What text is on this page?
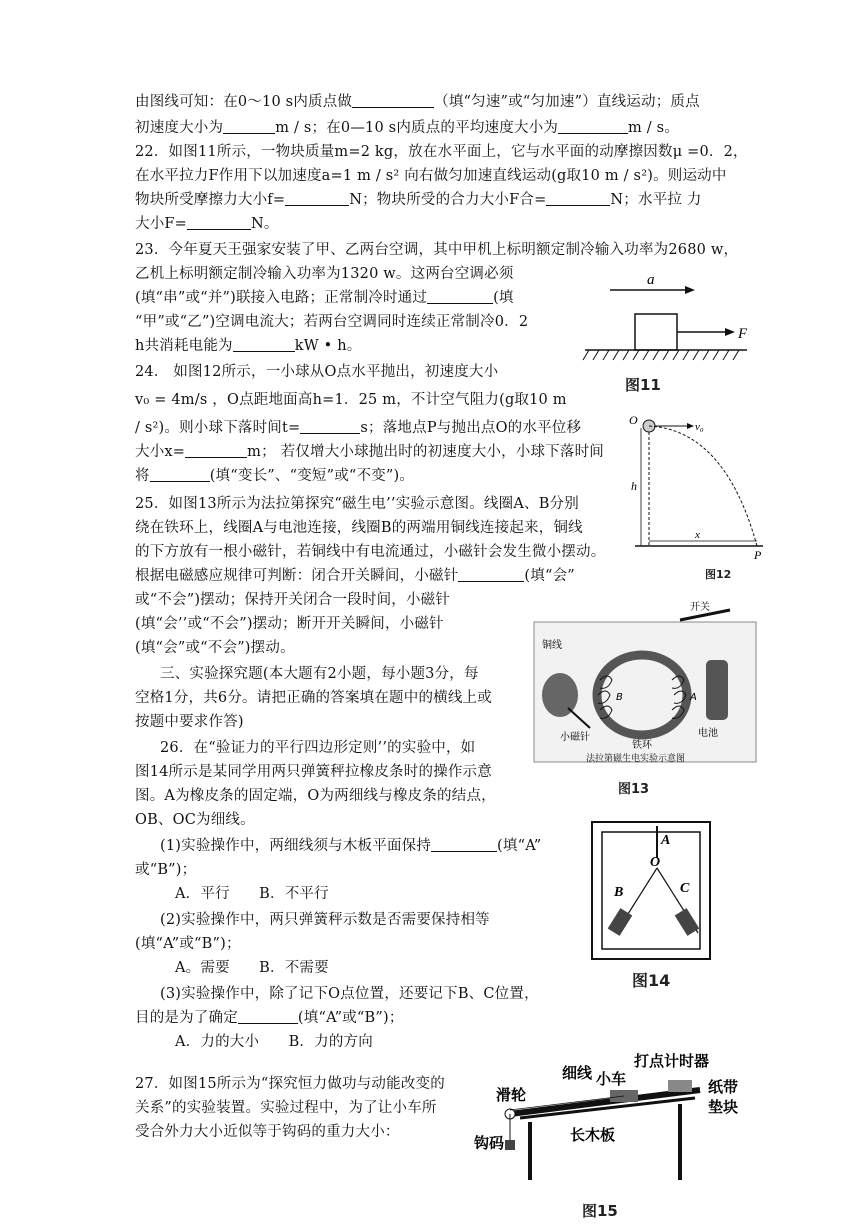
由图线可知：在0～10 s内质点做	（填“匀速”或“匀加速”）直线运动；质点
初速度大小为	m / s；在0—10 s内质点的平均速度大小为	m / s。
22．如图11所示，一物块质量m=2 kg，放在水平面上，它与水平面的动摩擦因数μ =0．2，
在水平拉力F作用下以加速度a=1 m / s² 向右做匀加速直线运动(g取10 m / s²)。则运动中
物块所受摩擦力大小f=	N；物块所受的合力大小F合=	N；水平拉 力
大小F=	N。
23．今年夏天王强家安装了甲、乙两台空调，其中甲机上标明额定制冷输入功率为2680 w，
乙机上标明额定制冷输入功率为1320 w。这两台空调必须
(填“串”或“并”)联接入电路；正常制冷时通过	(填
“甲”或“乙”)空调电流大；若两台空调同时连续正常制冷0．2
h共消耗电能为	kW • h。
24． 如图12所示，一小球从O点水平抛出，初速度大小
v₀ = 4m/s ，O点距地面高h=1．25 m，不计空气阻力(g取10 m
/ s²)。则小球下落时间t=	s；落地点P与抛出点O的水平位移
大小x=	m； 若仅增大小球抛出时的初速度大小，小球下落时间
将	(填“变长”、“变短”或“不变”)。
25．如图13所示为法拉第探究“磁生电’’实验示意图。线圈A、B分别
绕在铁环上，线圈A与电池连接，线圈B的两端用铜线连接起来，铜线
的下方放有一根小磁针，若铜线中有电流通过，小磁针会发生微小摆动。
根据电磁感应规律可判断：闭合开关瞬间，小磁针	(填“会”
或“不会”)摆动；保持开关闭合一段时间，小磁针
(填“会’’或“不会”)摆动；断开开关瞬间，小磁针
(填“会”或“不会”)摆动。
三、实验探究题(本大题有2小题，每小题3分，每
空格1分，共6分。请把正确的答案填在题中的横线上或
按题中要求作答)
26．在“验证力的平行四边形定则’’的实验中，如
图14所示是某同学用两只弹簧秤拉橡皮条时的操作示意
图。A为橡皮条的固定端，O为两细线与橡皮条的结点，
OB、OC为细线。
(1)实验操作中，两细线须与木板平面保持	(填“A”
或“B”)；
A．平行　　B．不平行
(2)实验操作中，两只弹簧秤示数是否需要保持相等
(填“A”或“B”)；
A。需要　　B．不需要
(3)实验操作中，除了记下O点位置，还要记下B、C位置，
目的是为了确定	(填“A”或“B”)；
A．力的大小　　B．力的方向
27．如图15所示为“探究恒力做功与动能改变的
关系”的实验装置。实验过程中，为了让小车所
受合外力大小近似等于钩码的重力大小：
a
F
图11
O	v₀
h
x
P
图12
开关
铜线
B	A
小磁针
铁环
电池
法拉第磁生电实验示意图
图13
A
O
B	C
图14
细线
打点计时器
小车
滑轮	纸带
垫块
钩码	长木板
图15
